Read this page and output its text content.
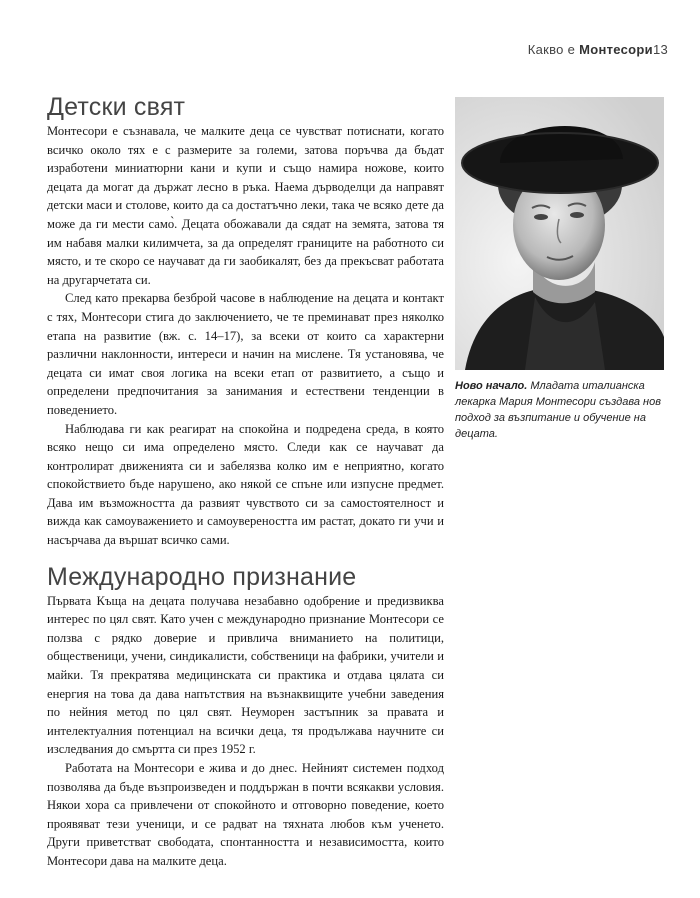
Какво е Монтесори13
Детски свят

Монтесори е съзнавала, че малките деца се чувстват потиснати, когато всичко около тях е с размерите за големи, затова поръчва да бъдат изработени миниатюрни кани и купи и също намира ножове, които децата да могат да държат лесно в ръка. Наема дърводелци да направят детски маси и столове, които да са достатъчно леки, така че всяко дете да може да ги мести само̀. Децата обожавали да сядат на земята, затова тя им набавя малки килимчета, за да определят границите на работното си място, и те скоро се научават да ги заобикалят, без да прекъсват работата на другарчетата си.

След като прекарва безброй часове в наблюдение на децата и контакт с тях, Монтесори стига до заключението, че те преминават през няколко етапа на развитие (вж. с. 14–17), за всеки от които са характерни различни наклонности, интереси и начин на мислене. Тя установява, че децата си имат своя логика на всеки етап от развитието, а също и определени предпочитания за занимания и естествени тенденции в поведението.

Наблюдава ги как реагират на спокойна и подредена среда, в която всяко нещо си има определено място. Следи как се научават да контролират движенията си и забелязва колко им е неприятно, когато спокойствието бъде нарушено, ако някой се спъне или изпусне предмет. Дава им възможността да развият чувството си за самостоятелност и вижда как самоуважението и самоувереността им растат, докато ги учи и насърчава да вършат всичко сами.

Международно признание

Първата Къща на децата получава незабавно одобрение и предизвиква интерес по цял свят. Като учен с международно признание Монтесори се ползва с рядко доверие и привлича вниманието на политици, общественици, учени, синдикалисти, собственици на фабрики, учители и майки. Тя прекратява медицинската си практика и отдава цялата си енергия на това да дава напътствия на възнаквищите учебни заведения по нейния метод по цял свят. Неуморен застъпник за правата и интелектуалния потенциал на всички деца, тя продължава научните си изследвания до смъртта си през 1952 г.

Работата на Монтесори е жива и до днес. Нейният системен подход позволява да бъде възпроизведен и поддържан в почти всякакви условия. Някои хора са привлечени от спокойното и отговорно поведение, което проявяват тези ученици, и се радват на тяхната любов към ученето. Други приветстват свободата, спонтанността и независимостта, които Монтесори дава на малките деца.

Ново начало. Младата италианска лекарка Мария Монтесори създава нов подход за възпитание и обучение на децата.
